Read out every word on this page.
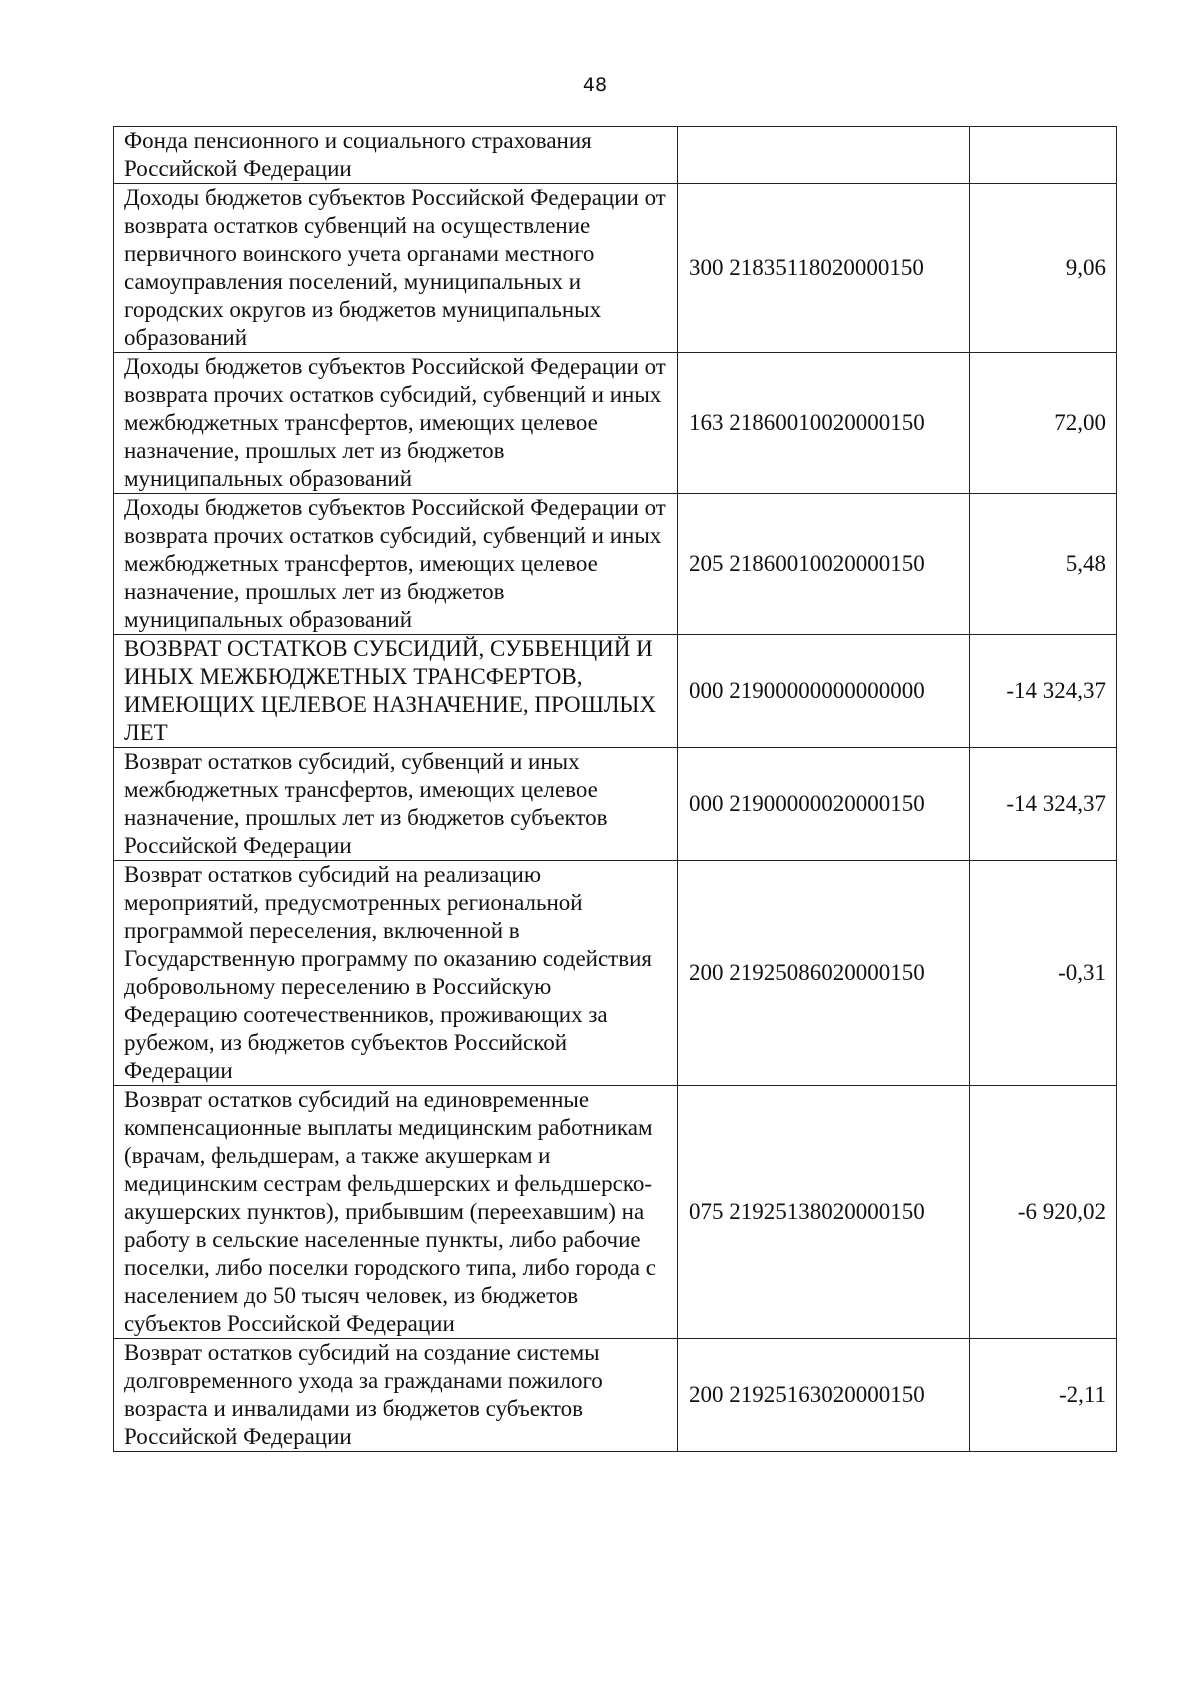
48
Фонда пенсионного и социального страхования Российской Федерации		
Доходы бюджетов субъектов Российской Федерации от возврата остатков субвенций на осуществление первичного воинского учета органами местного самоуправления поселений, муниципальных и городских округов из бюджетов муниципальных образований	300 21835118020000150	9,06
Доходы бюджетов субъектов Российской Федерации от возврата прочих остатков субсидий, субвенций и иных межбюджетных трансфертов, имеющих целевое назначение, прошлых лет из бюджетов муниципальных образований	163 21860010020000150	72,00
Доходы бюджетов субъектов Российской Федерации от возврата прочих остатков субсидий, субвенций и иных межбюджетных трансфертов, имеющих целевое назначение, прошлых лет из бюджетов муниципальных образований	205 21860010020000150	5,48
ВОЗВРАТ ОСТАТКОВ СУБСИДИЙ, СУБВЕНЦИЙ И ИНЫХ МЕЖБЮДЖЕТНЫХ ТРАНСФЕРТОВ, ИМЕЮЩИХ ЦЕЛЕВОЕ НАЗНАЧЕНИЕ, ПРОШЛЫХ ЛЕТ	000 21900000000000000	-14 324,37
Возврат остатков субсидий, субвенций и иных межбюджетных трансфертов, имеющих целевое назначение, прошлых лет из бюджетов субъектов Российской Федерации	000 21900000020000150	-14 324,37
Возврат остатков субсидий на реализацию мероприятий, предусмотренных региональной программой переселения, включенной в Государственную программу по оказанию содействия добровольному переселению в Российскую Федерацию соотечественников, проживающих за рубежом, из бюджетов субъектов Российской Федерации	200 21925086020000150	-0,31
Возврат остатков субсидий на единовременные компенсационные выплаты медицинским работникам (врачам, фельдшерам, а также акушеркам и медицинским сестрам фельдшерских и фельдшерско-акушерских пунктов), прибывшим (переехавшим) на работу в сельские населенные пункты, либо рабочие поселки, либо поселки городского типа, либо города с населением до 50 тысяч человек, из бюджетов субъектов Российской Федерации	075 21925138020000150	-6 920,02
Возврат остатков субсидий на создание системы долговременного ухода за гражданами пожилого возраста и инвалидами из бюджетов субъектов Российской Федерации	200 21925163020000150	-2,11
